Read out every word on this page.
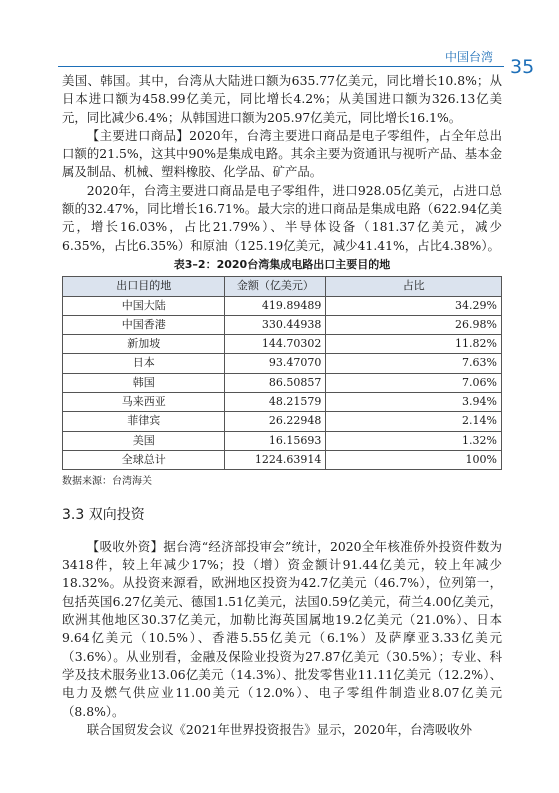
中国台湾 35

美国、韩国。其中，台湾从大陆进口额为635.77亿美元，同比增长10.8%；从日本进口额为458.99亿美元，同比增长4.2%；从美国进口额为326.13亿美元，同比减少6.4%；从韩国进口额为205.97亿美元，同比增长16.1%。

【主要进口商品】2020年，台湾主要进口商品是电子零组件，占全年总出口额的21.5%，这其中90%是集成电路。其余主要为资通讯与视听产品、基本金属及制品、机械、塑料橡胶、化学品、矿产品。

2020年，台湾主要进口商品是电子零组件，进口928.05亿美元，占进口总额的32.47%，同比增长16.71%。最大宗的进口商品是集成电路（622.94亿美元，增长16.03%，占比21.79%）、半导体设备（181.37亿美元，减少6.35%，占比6.35%）和原油（125.19亿美元，减少41.41%，占比4.38%）。

表3–2：2020台湾集成电路出口主要目的地
出口目的地	金额（亿美元）	占比
中国大陆	419.89489	34.29%
中国香港	330.44938	26.98%
新加坡	144.70302	11.82%
日本	93.47070	7.63%
韩国	86.50857	7.06%
马来西亚	48.21579	3.94%
菲律宾	26.22948	2.14%
美国	16.15693	1.32%
全球总计	1224.63914	100%
数据来源：台湾海关
3.3 双向投资

【吸收外资】据台湾“经济部投审会”统计，2020全年核准侨外投资件数为3418件，较上年减少17%；投（增）资金额计91.44亿美元，较上年减少18.32%。从投资来源看，欧洲地区投资为42.7亿美元（46.7%），位列第一，包括英国6.27亿美元、德国1.51亿美元，法国0.59亿美元，荷兰4.00亿美元，欧洲其他地区30.37亿美元，加勒比海英国属地19.2亿美元（21.0%）、日本9.64亿美元（10.5%）、香港5.55亿美元（6.1%）及萨摩亚3.33亿美元（3.6%）。从业别看，金融及保险业投资为27.87亿美元（30.5%）；专业、科学及技术服务业13.06亿美元（14.3%）、批发零售业11.11亿美元（12.2%）、电力及燃气供应业11.00美元（12.0%）、电子零组件制造业8.07亿美元（8.8%）。

联合国贸发会议《2021年世界投资报告》显示，2020年，台湾吸收外
